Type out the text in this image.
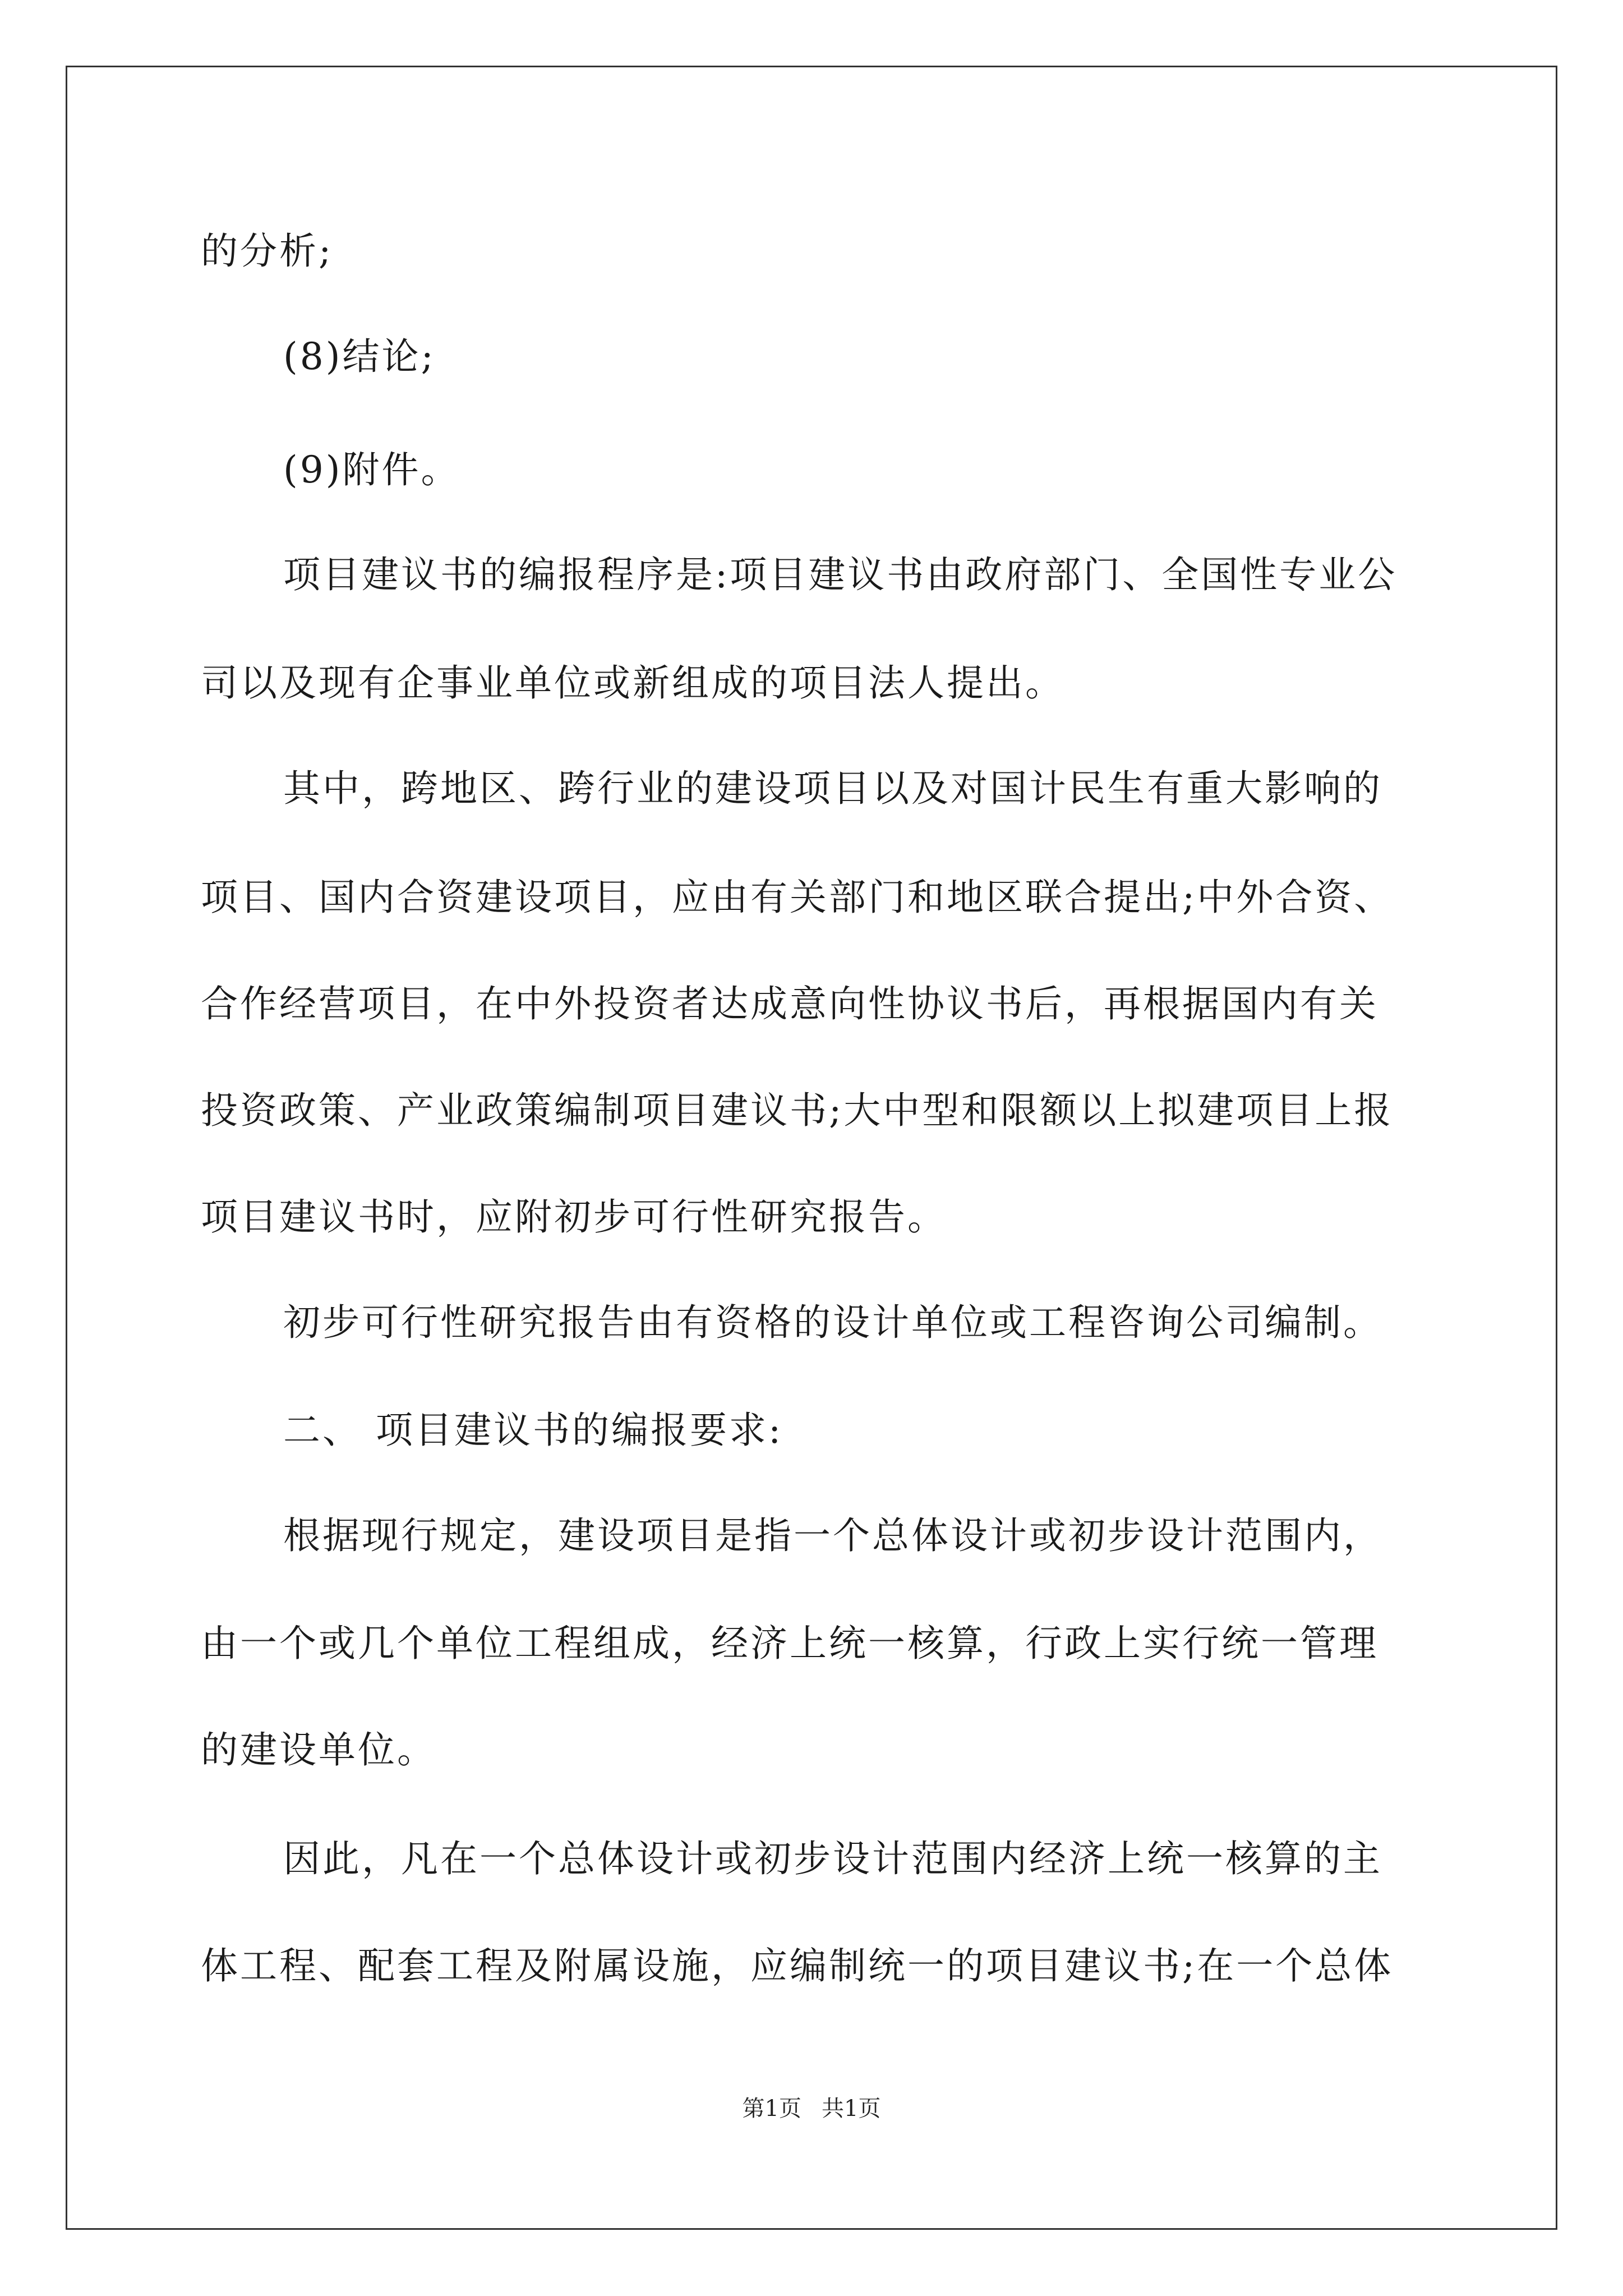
的分析;
(8)结论;
(9)附件。
项目建议书的编报程序是:项目建议书由政府部门、全国性专业公
司以及现有企事业单位或新组成的项目法人提出。
其中，跨地区、跨行业的建设项目以及对国计民生有重大影响的
项目、国内合资建设项目，应由有关部门和地区联合提出;中外合资、
合作经营项目，在中外投资者达成意向性协议书后，再根据国内有关
投资政策、产业政策编制项目建议书;大中型和限额以上拟建项目上报
项目建议书时，应附初步可行性研究报告。
初步可行性研究报告由有资格的设计单位或工程咨询公司编制。
二、 项目建议书的编报要求:
根据现行规定，建设项目是指一个总体设计或初步设计范围内，
由一个或几个单位工程组成，经济上统一核算，行政上实行统一管理
的建设单位。
因此，凡在一个总体设计或初步设计范围内经济上统一核算的主
体工程、配套工程及附属设施，应编制统一的项目建议书;在一个总体
第1页 共1页
